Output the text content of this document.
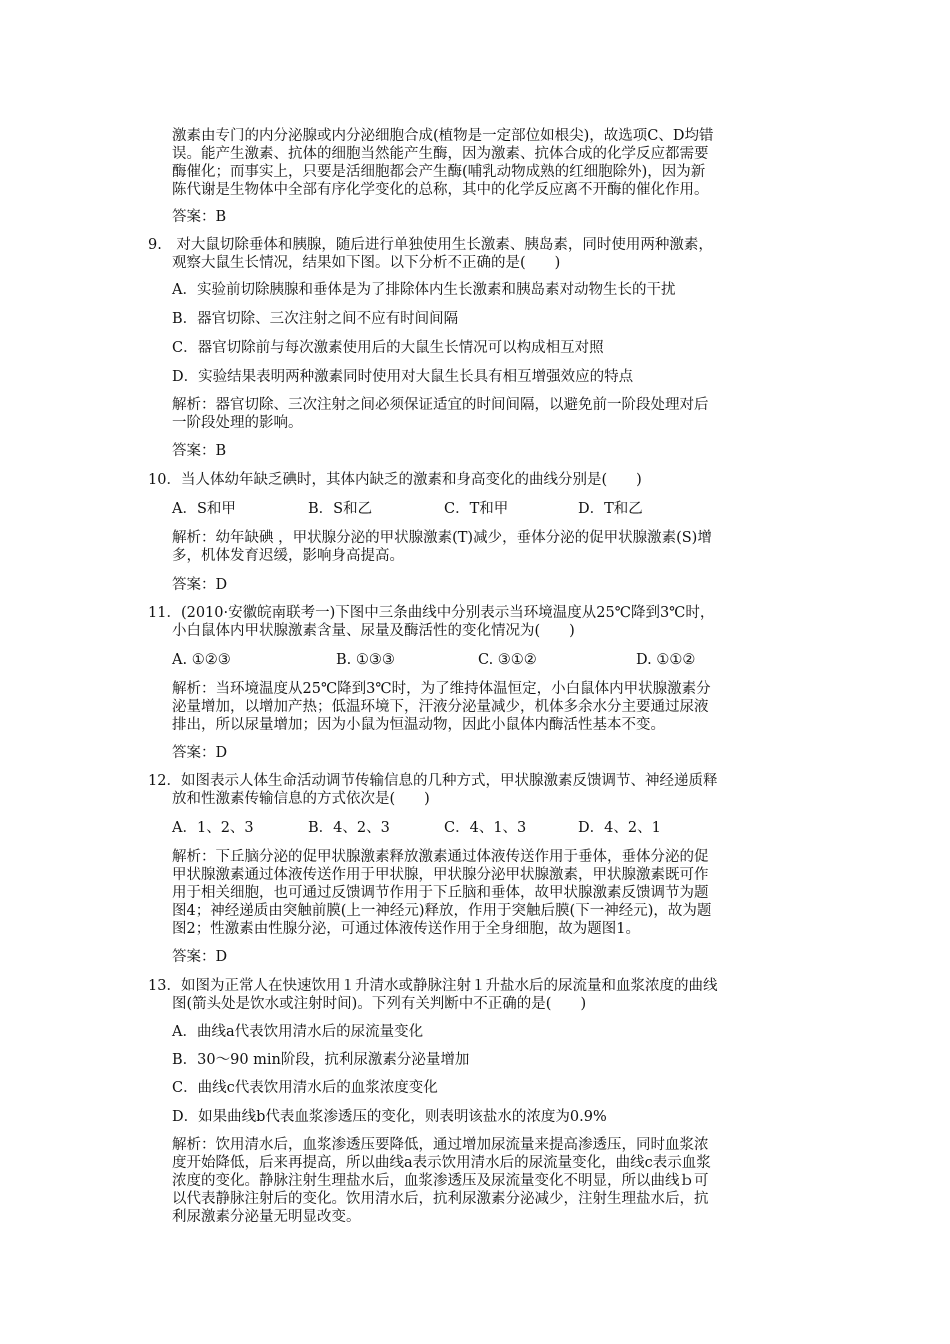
激素由专门的内分泌腺或内分泌细胞合成(植物是一定部位如根尖)，故选项C、D均错
误。能产生激素、抗体的细胞当然能产生酶，因为激素、抗体合成的化学反应都需要
酶催化；而事实上，只要是活细胞都会产生酶(哺乳动物成熟的红细胞除外)，因为新
陈代谢是生物体中全部有序化学变化的总称，其中的化学反应离不开酶的催化作用。
答案：B
9.　对大鼠切除垂体和胰腺，随后进行单独使用生长激素、胰岛素，同时使用两种激素，
观察大鼠生长情况，结果如下图。以下分析不正确的是(　　)
A．实验前切除胰腺和垂体是为了排除体内生长激素和胰岛素对动物生长的干扰
B．器官切除、三次注射之间不应有时间间隔
C．器官切除前与每次激素使用后的大鼠生长情况可以构成相互对照
D．实验结果表明两种激素同时使用对大鼠生长具有相互增强效应的特点
解析：器官切除、三次注射之间必须保证适宜的时间间隔，以避免前一阶段处理对后
一阶段处理的影响。
答案：B
10．当人体幼年缺乏碘时，其体内缺乏的激素和身高变化的曲线分别是(　　)
A．S和甲	B．S和乙	C．T和甲	D．T和乙
解析：幼年缺碘 ，甲状腺分泌的甲状腺激素(T)减少，垂体分泌的促甲状腺激素(S)增
多，机体发育迟缓，影响身高提高。
答案：D
11．(2010·安徽皖南联考一)下图中三条曲线中分别表示当环境温度从25℃降到3℃时，
小白鼠体内甲状腺激素含量、尿量及酶活性的变化情况为(　　)
A. ①②③	B. ①③③	C. ③①②	D. ①①②
解析：当环境温度从25℃降到3℃时，为了维持体温恒定，小白鼠体内甲状腺激素分
泌量增加，以增加产热；低温环境下，汗液分泌量减少，机体多余水分主要通过尿液
排出，所以尿量增加；因为小鼠为恒温动物，因此小鼠体内酶活性基本不变。
答案：D
12．如图表示人体生命活动调节传输信息的几种方式，甲状腺激素反馈调节、神经递质释
放和性激素传输信息的方式依次是(　　)
A．1、2、3	B．4、2、3	C．4、1、3	D．4、2、1
解析：下丘脑分泌的促甲状腺激素释放激素通过体液传送作用于垂体，垂体分泌的促
甲状腺激素通过体液传送作用于甲状腺，甲状腺分泌甲状腺激素，甲状腺激素既可作
用于相关细胞，也可通过反馈调节作用于下丘脑和垂体，故甲状腺激素反馈调节为题
图4；神经递质由突触前膜(上一神经元)释放，作用于突触后膜(下一神经元)，故为题
图2；性激素由性腺分泌，可通过体液传送作用于全身细胞，故为题图1。
答案：D
13．如图为正常人在快速饮用１升清水或静脉注射１升盐水后的尿流量和血浆浓度的曲线
图(箭头处是饮水或注射时间)。下列有关判断中不正确的是(　　)
A．曲线a代表饮用清水后的尿流量变化
B．30～90 min阶段，抗利尿激素分泌量增加
C．曲线c代表饮用清水后的血浆浓度变化
D．如果曲线b代表血浆渗透压的变化，则表明该盐水的浓度为0.9%
解析：饮用清水后，血浆渗透压要降低，通过增加尿流量来提高渗透压，同时血浆浓
度开始降低，后来再提高，所以曲线a表示饮用清水后的尿流量变化，曲线c表示血浆
浓度的变化。静脉注射生理盐水后，血浆渗透压及尿流量变化不明显，所以曲线ｂ可
以代表静脉注射后的变化。饮用清水后，抗利尿激素分泌减少，注射生理盐水后，抗
利尿激素分泌量无明显改变。
